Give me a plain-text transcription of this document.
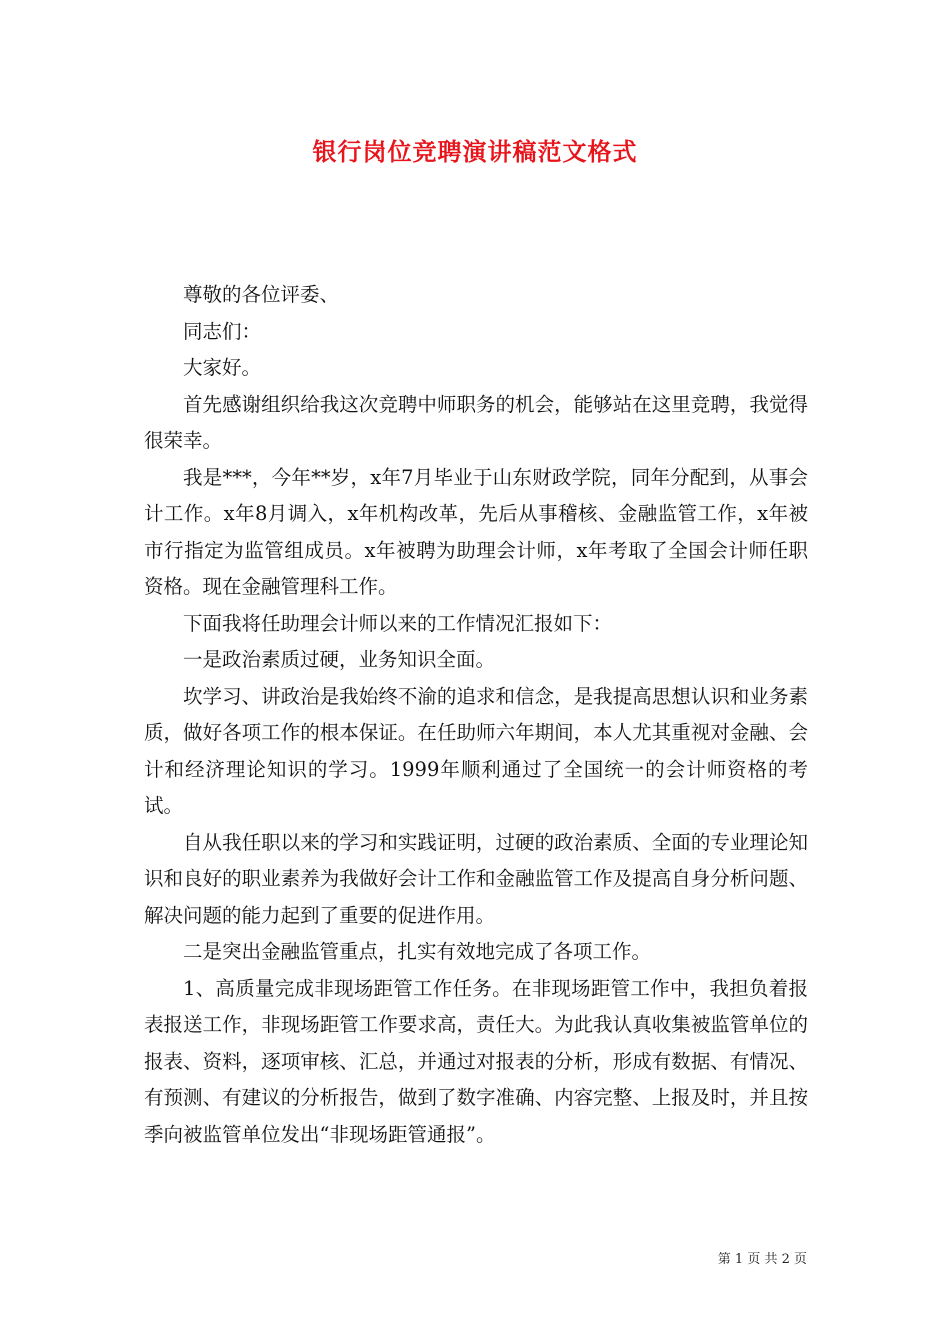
银行岗位竞聘演讲稿范文格式

尊敬的各位评委、

同志们：

大家好。

首先感谢组织给我这次竞聘中师职务的机会，能够站在这里竞聘，我觉得很荣幸。

我是***，今年**岁，x年7月毕业于山东财政学院，同年分配到，从事会计工作。x年8月调入，x年机构改革，先后从事稽核、金融监管工作，x年被市行指定为监管组成员。x年被聘为助理会计师，x年考取了全国会计师任职资格。现在金融管理科工作。

下面我将任助理会计师以来的工作情况汇报如下：

一是政治素质过硬，业务知识全面。

坎学习、讲政治是我始终不渝的追求和信念，是我提高思想认识和业务素质，做好各项工作的根本保证。在任助师六年期间，本人尤其重视对金融、会计和经济理论知识的学习。1999年顺利通过了全国统一的会计师资格的考试。

自从我任职以来的学习和实践证明，过硬的政治素质、全面的专业理论知识和良好的职业素养为我做好会计工作和金融监管工作及提高自身分析问题、解决问题的能力起到了重要的促进作用。

二是突出金融监管重点，扎实有效地完成了各项工作。

1、高质量完成非现场距管工作任务。在非现场距管工作中，我担负着报表报送工作，非现场距管工作要求高，责任大。为此我认真收集被监管单位的报表、资料，逐项审核、汇总，并通过对报表的分析，形成有数据、有情况、有预测、有建议的分析报告，做到了数字准确、内容完整、上报及时，并且按季向被监管单位发出“非现场距管通报”。

第 1 页 共 2 页
